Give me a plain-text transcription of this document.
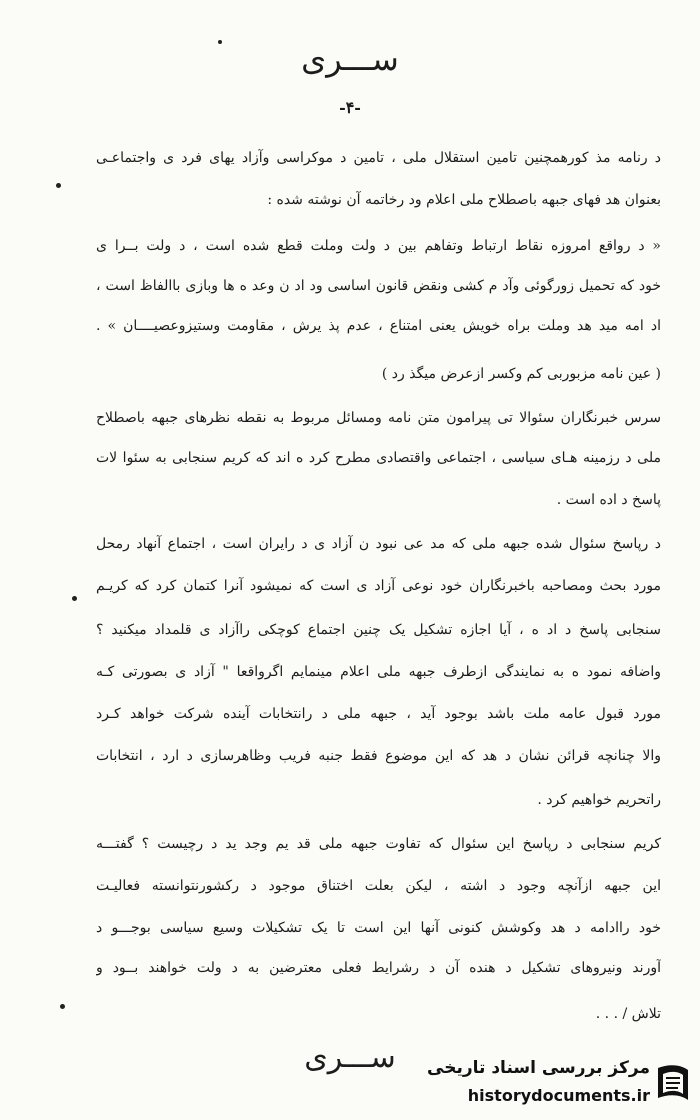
ســـری
-۴-
د رنامه مذ کورهمچنین تامین استقلال ملی ، تامین د موکراسی وآزاد یهای فرد ی واجتماعـی
بعنوان هد فهای جبهه باصطلاح ملی اعلام ود رخاتمه آن نوشته شده :
« د رواقع امروزه نقاط ارتباط وتفاهم بین د ولت وملت قطع شده است ، د ولت بــرا ی
خود که تحمیل زورگوئی وآد م کشی ونقض قانون اساسی ود اد ن وعد ه ها وبازی باالفاظ است ،
اد امه مید هد وملت براه خویش یعنی امتناع ، عدم پذ یرش ، مقاومت وستیزوعصیــــان » .
( عین نامه مزبوربی کم وکسر ازعرض میگذ رد )
سرس خبرنگاران سئوالا تی پیرامون متن نامه ومسائل مربوط به نقطه نظرهای جبهه باصطلاح
ملی د رزمینه هـای سیاسی ، اجتماعی واقتصادی مطرح کرد ه اند که کریم سنجابی به سئوا لات
پاسخ د اده است .
د رپاسخ سئوال شده جبهه ملی که مد عی نبود ن آزاد ی د رایران است ، اجتماع آنهاد رمحل
مورد بحث ومصاحبه باخبرنگاران خود نوعی آزاد ی است که نمیشود آنرا کتمان کرد که کریـم
سنجابی پاسخ د اد ه ، آیا اجازه تشکیل یک چنین اجتماع کوچکی راآزاد ی قلمداد میکنید ؟
واضافه نمود ه به نمایندگی ازطرف جبهه ملی اعلام مینمایم اگرواقعا " آزاد ی بصورتی کـه
مورد قبول عامه ملت باشد بوجود آید ، جبهه ملی د رانتخابات آینده شرکت خواهد کـرد
والا چنانچه قرائن نشان د هد که این موضوع فقط جنبه فریب وظاهرسازی د ارد ، انتخابات
راتحریم خواهیم کرد .
کریم سنجابی د رپاسخ این سئوال که تفاوت جبهه ملی قد یم وجد ید د رچیست ؟ گفتـــه
این جبهه ازآنچه وجود د اشته ، لیکن بعلت اختناق موجود د رکشورنتوانسته فعالیـت
خود راادامه د هد وکوشش کنونی آنها این است تا یک تشکیلات وسیع سیاسی بوجـــو د
آورند ونیروهای تشکیل د هنده آن د رشرایط فعلی معترضین به د ولت خواهند بــود و
تلاش / . . .
ســـری	مرکز بررسی اسناد تاریخی
historydocuments.ir
